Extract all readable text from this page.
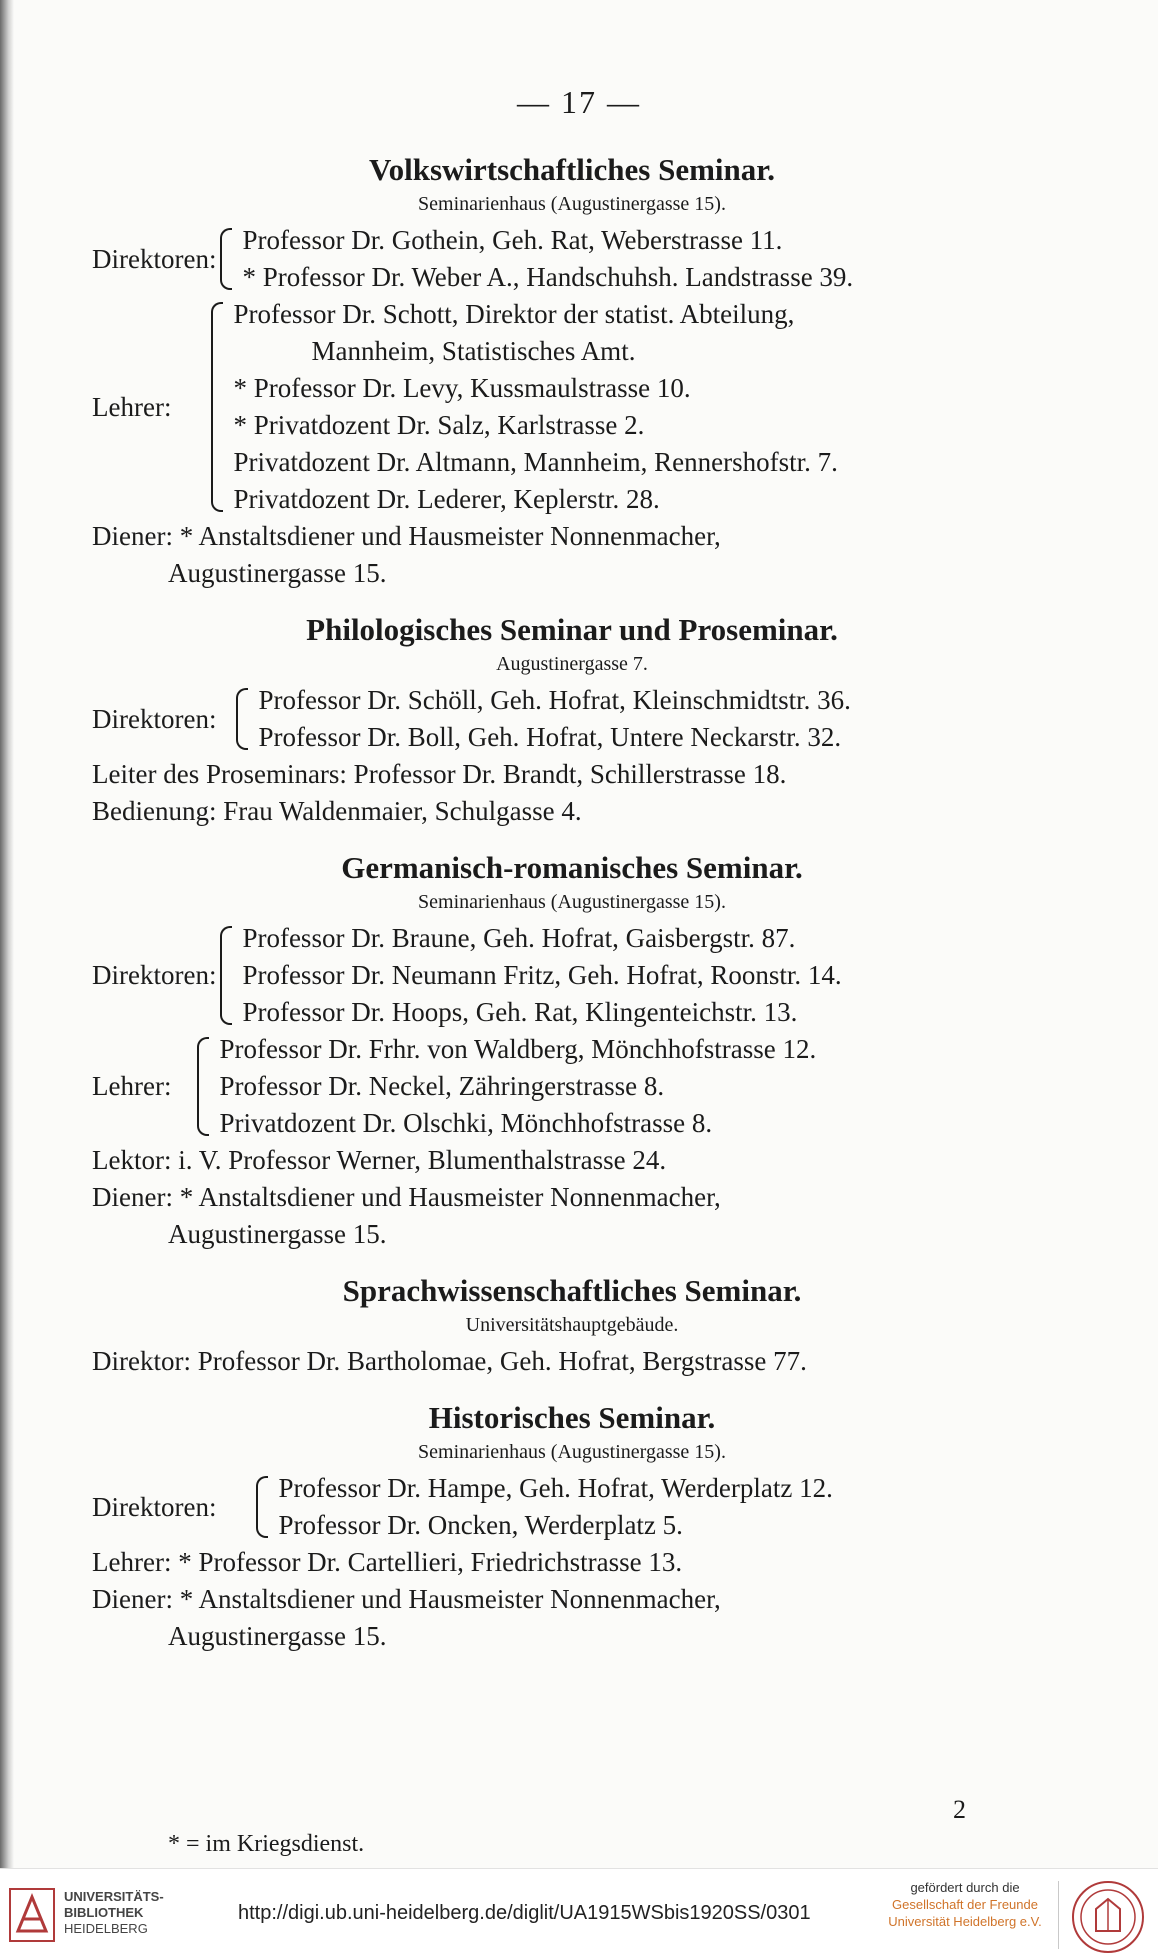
— 17 —
Volkswirtschaftliches Seminar.
Seminarienhaus (Augustinergasse 15).
Direktoren:
Professor Dr. Gothein, Geh. Rat, Weberstrasse 11.
* Professor Dr. Weber A., Handschuhsh. Landstrasse 39.
Lehrer:
Professor Dr. Schott, Direktor der statist. Abteilung,
Mannheim, Statistisches Amt.
* Professor Dr. Levy, Kussmaulstrasse 10.
* Privatdozent Dr. Salz, Karlstrasse 2.
Privatdozent Dr. Altmann, Mannheim, Rennershofstr. 7.
Privatdozent Dr. Lederer, Keplerstr. 28.
Diener: * Anstaltsdiener und Hausmeister Nonnenmacher,
Augustinergasse 15.
Philologisches Seminar und Proseminar.
Augustinergasse 7.
Direktoren:
Professor Dr. Schöll, Geh. Hofrat, Kleinschmidtstr. 36.
Professor Dr. Boll, Geh. Hofrat, Untere Neckarstr. 32.
Leiter des Proseminars: Professor Dr. Brandt, Schillerstrasse 18.
Bedienung: Frau Waldenmaier, Schulgasse 4.
Germanisch-romanisches Seminar.
Seminarienhaus (Augustinergasse 15).
Direktoren:
Professor Dr. Braune, Geh. Hofrat, Gaisbergstr. 87.
Professor Dr. Neumann Fritz, Geh. Hofrat, Roonstr. 14.
Professor Dr. Hoops, Geh. Rat, Klingenteichstr. 13.
Lehrer:
Professor Dr. Frhr. von Waldberg, Mönchhofstrasse 12.
Professor Dr. Neckel, Zähringerstrasse 8.
Privatdozent Dr. Olschki, Mönchhofstrasse 8.
Lektor: i. V. Professor Werner, Blumenthalstrasse 24.
Diener: * Anstaltsdiener und Hausmeister Nonnenmacher,
Augustinergasse 15.
Sprachwissenschaftliches Seminar.
Universitätshauptgebäude.
Direktor: Professor Dr. Bartholomae, Geh. Hofrat, Bergstrasse 77.
Historisches Seminar.
Seminarienhaus (Augustinergasse 15).
Direktoren:
Professor Dr. Hampe, Geh. Hofrat, Werderplatz 12.
Professor Dr. Oncken, Werderplatz 5.
Lehrer: * Professor Dr. Cartellieri, Friedrichstrasse 13.
Diener: * Anstaltsdiener und Hausmeister Nonnenmacher,
Augustinergasse 15.
2
* = im Kriegsdienst.
UNIVERSITÄTS-
BIBLIOTHEK
HEIDELBERG
http://digi.ub.uni-heidelberg.de/diglit/UA1915WSbis1920SS/0301
gefördert durch die
Gesellschaft der Freunde
Universität Heidelberg e.V.
